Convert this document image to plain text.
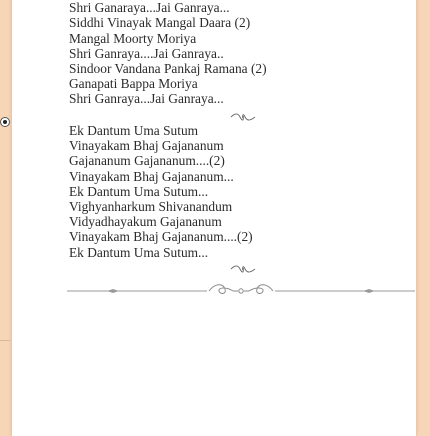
Shri Ganaraya...Jai Ganraya...
Siddhi Vinayak Mangal Daara (2)
Mangal Moorty Moriya
Shri Ganraya....Jai Ganraya..
Sindoor Vandana Pankaj Ramana (2)
Ganapati Bappa Moriya
Shri Ganraya...Jai Ganraya...
Ek Dantum Uma Sutum
Vinayakam Bhaj Gajananum
Gajananum Gajananum....(2)
Vinayakam Bhaj Gajananum...
Ek Dantum Uma Sutum...
Vighyanharkum Shivanandum
Vidyadhayakum Gajananum
Vinayakam Bhaj Gajananum....(2)
Ek Dantum Uma Sutum...
